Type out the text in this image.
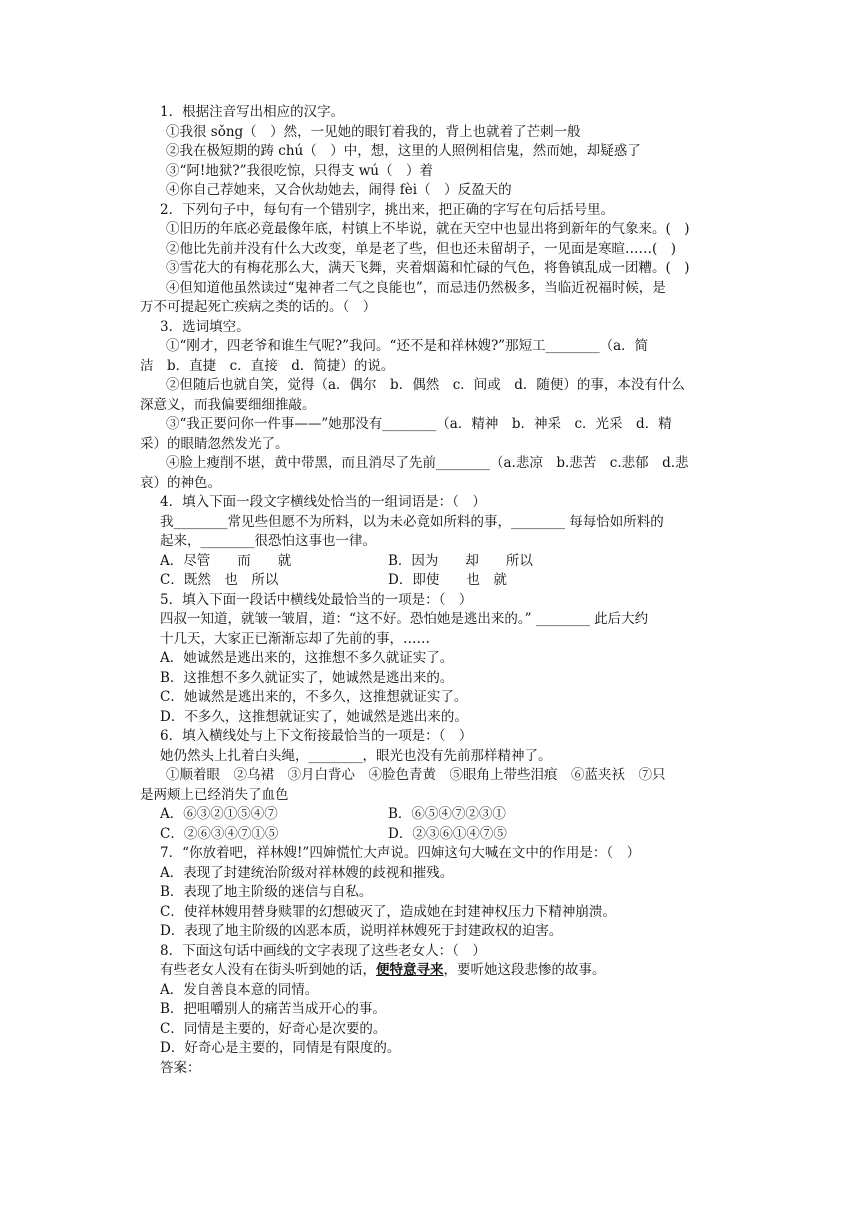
1．根据注音写出相应的汉字。
①我很 sǒng（　）然，一见她的眼钉着我的，背上也就着了芒刺一般
②我在极短期的踌 chú（　）中，想，这里的人照例相信鬼，然而她，却疑惑了
③“阿!地狱?”我很吃惊，只得支 wú（　）着
④你自己荐她来，又合伙劫她去，闹得 fèi（　）反盈天的
2．下列句子中，每句有一个错别字，挑出来，把正确的字写在句后括号里。
①旧历的年底必竟最像年底，村镇上不毕说，就在天空中也显出将到新年的气象来。(　)
②他比先前并没有什么大改变，单是老了些，但也还未留胡子，一见面是寒暄……(　)
③雪花大的有梅花那么大，满天飞舞，夹着烟蔼和忙碌的气色，将鲁镇乱成一团糟。(　)
④但知道他虽然读过“鬼神者二气之良能也”，而忌违仍然极多，当临近祝福时候，是
万不可提起死亡疾病之类的话的。（　）
3．选词填空。
①“刚才，四老爷和谁生气呢?”我问。“还不是和祥林嫂?”那短工________（a．简
洁　b．直捷　c．直接　d．简捷）的说。
②但随后也就自笑，觉得（a．偶尔　b．偶然　c．间或　d．随便）的事，本没有什么
深意义，而我偏要细细推敲。
③“我正要问你一件事——”她那没有________（a．精神　b．神采　c．光采　d．精
采）的眼睛忽然发光了。
④脸上瘦削不堪，黄中带黑，而且消尽了先前________（a.悲凉　b.悲苦　c.悲郁　d.悲
哀）的神色。
4．填入下面一段文字横线处恰当的一组词语是：（　）
我________常见些但愿不为所料，以为未必竟如所料的事，________ 每每恰如所料的
起来，________很恐怕这事也一律。
A．尽管　　而　　就	B．因为　　却　　所以
C．既然　也　所以	D．即使　　也　就
5．填入下面一段话中横线处最恰当的一项是：（　）
四叔一知道，就皱一皱眉，道：“这不好。恐怕她是逃出来的。” ________ 此后大约
十几天，大家正已渐渐忘却了先前的事，……
A．她诚然是逃出来的，这推想不多久就证实了。
B．这推想不多久就证实了，她诚然是逃出来的。
C．她诚然是逃出来的，不多久，这推想就证实了。
D．不多久，这推想就证实了，她诚然是逃出来的。
6．填入横线处与上下文衔接最恰当的一项是：（　）
她仍然头上扎着白头绳，________，眼光也没有先前那样精神了。
①顺着眼　②乌裙　③月白背心　④脸色青黄　⑤眼角上带些泪痕　⑥蓝夹袄　⑦只
是两颊上已经消失了血色
A．⑥③②①⑤④⑦	B．⑥⑤④⑦②③①
C．②⑥③④⑦①⑤	D．②③⑥①④⑦⑤
7．“你放着吧，祥林嫂!”四婶慌忙大声说。四婶这句大喊在文中的作用是：（　）
A．表现了封建统治阶级对祥林嫂的歧视和摧残。
B．表现了地主阶级的迷信与自私。
C．使祥林嫂用替身赎罪的幻想破灭了，造成她在封建神权压力下精神崩溃。
D．表现了地主阶级的凶恶本质，说明祥林嫂死于封建政权的迫害。
8．下面这句话中画线的文字表现了这些老女人：（　）
有些老女人没有在街头听到她的话，便特意寻来，要听她这段悲惨的故事。
A．发自善良本意的同情。
B．把咀嚼别人的痛苦当成开心的事。
C．同情是主要的，好奇心是次要的。
D．好奇心是主要的，同情是有限度的。
答案：
